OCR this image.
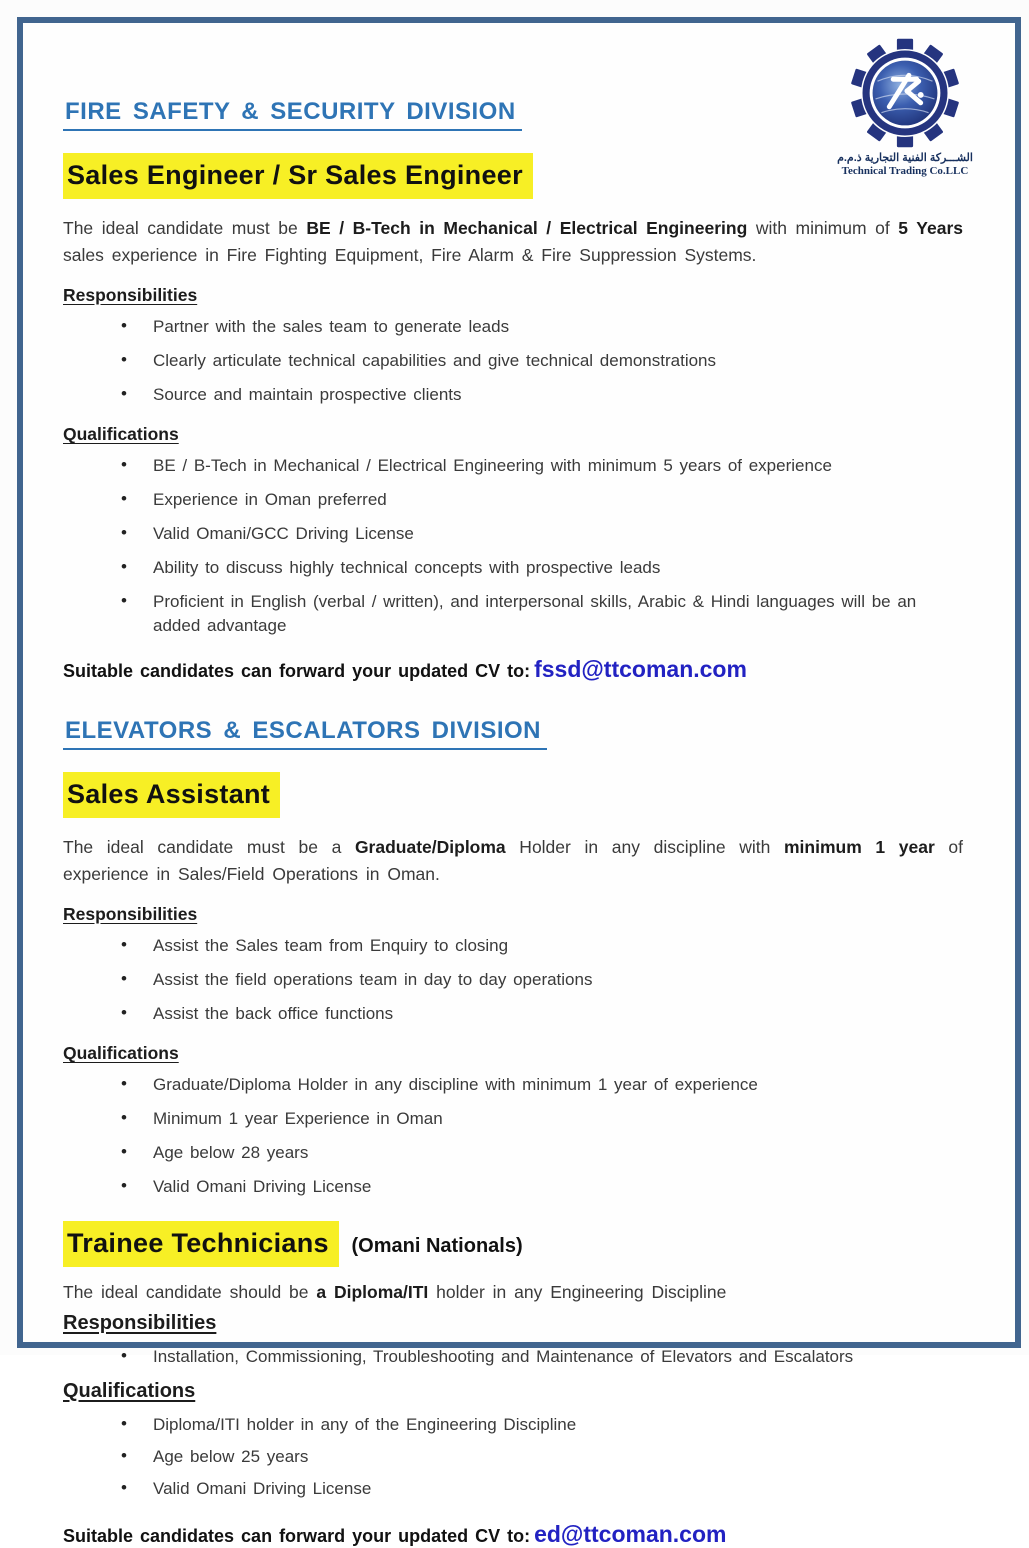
الشـــركة الفنية التجارية ذ.م.م
Technical Trading Co.LLC
FIRE SAFETY & SECURITY DIVISION
Sales Engineer / Sr Sales Engineer

The ideal candidate must be BE / B-Tech in Mechanical / Electrical Engineering with minimum of 5 Years sales experience in Fire Fighting Equipment, Fire Alarm & Fire Suppression Systems.

Responsibilities
• Partner with the sales team to generate leads
• Clearly articulate technical capabilities and give technical demonstrations
• Source and maintain prospective clients
Qualifications
• BE / B-Tech in Mechanical / Electrical Engineering with minimum 5 years of experience
• Experience in Oman preferred
• Valid Omani/GCC Driving License
• Ability to discuss highly technical concepts with prospective leads
• Proficient in English (verbal / written), and interpersonal skills, Arabic & Hindi languages will be an added advantage

Suitable candidates can forward your updated CV to: fssd@ttcoman.com

ELEVATORS & ESCALATORS DIVISION
Sales Assistant

The ideal candidate must be a Graduate/Diploma Holder in any discipline with minimum 1 year of experience in Sales/Field Operations in Oman.

Responsibilities
• Assist the Sales team from Enquiry to closing
• Assist the field operations team in day to day operations
• Assist the back office functions
Qualifications
• Graduate/Diploma Holder in any discipline with minimum 1 year of experience
• Minimum 1 year Experience in Oman
• Age below 28 years
• Valid Omani Driving License
Trainee Technicians (Omani Nationals)

The ideal candidate should be a Diploma/ITI holder in any Engineering Discipline

Responsibilities
• Installation, Commissioning, Troubleshooting and Maintenance of Elevators and Escalators
Qualifications
• Diploma/ITI holder in any of the Engineering Discipline
• Age below 25 years
• Valid Omani Driving License

Suitable candidates can forward your updated CV to: ed@ttcoman.com
